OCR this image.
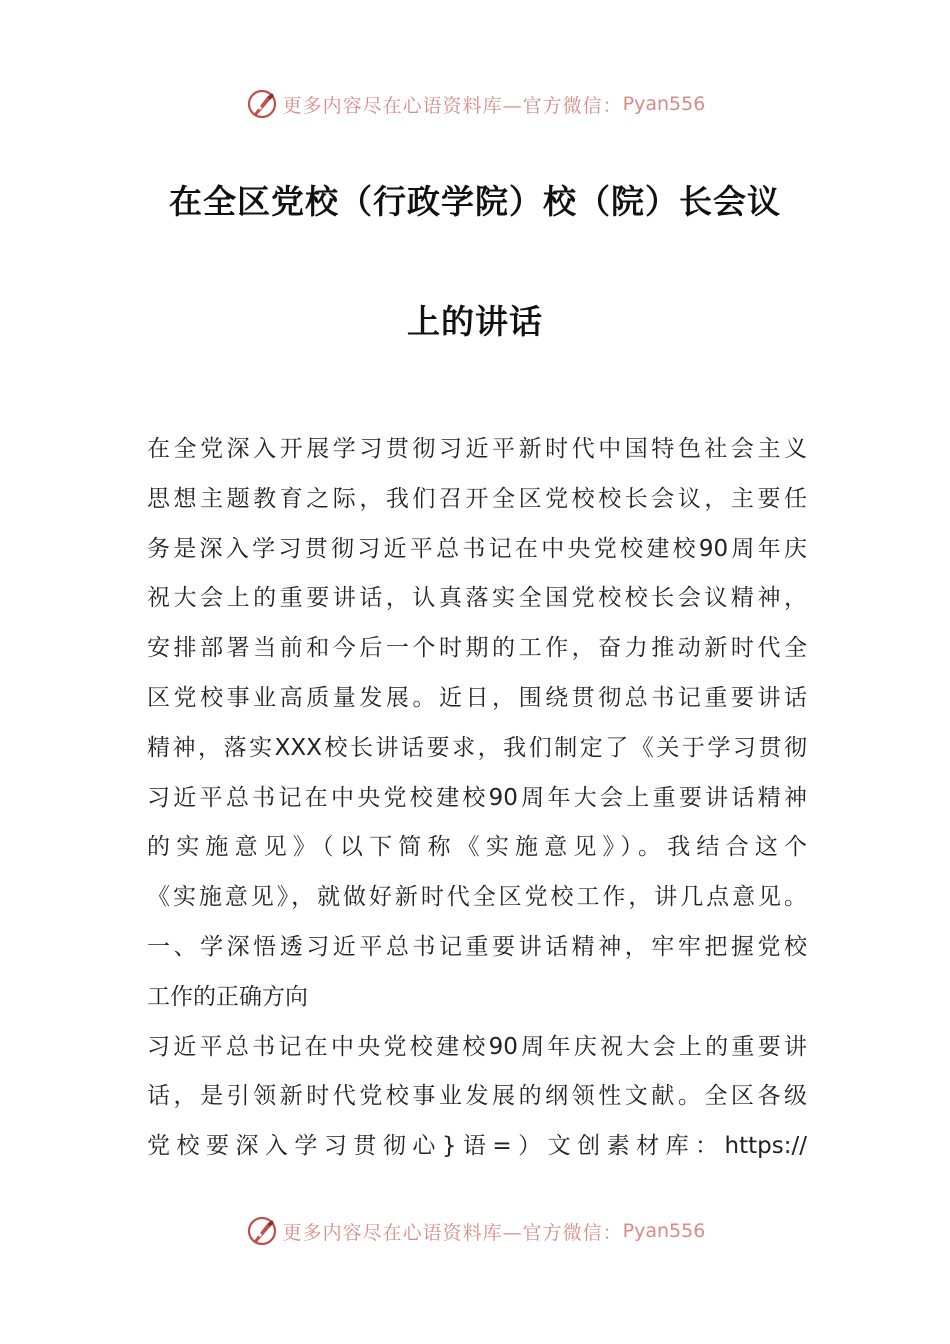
更多内容尽在心语资料库—官方微信： Pyan556
在全区党校（行政学院）校（院）长会议
上的讲话
在全党深入开展学习贯彻习近平新时代中国特色社会主义
思想主题教育之际，我们召开全区党校校长会议，主要任
务是深入学习贯彻习近平总书记在中央党校建校90周年庆
祝大会上的重要讲话，认真落实全国党校校长会议精神，
安排部署当前和今后一个时期的工作，奋力推动新时代全
区党校事业高质量发展。近日，围绕贯彻总书记重要讲话
精神，落实XXX校长讲话要求，我们制定了《关于学习贯彻
习近平总书记在中央党校建校90周年大会上重要讲话精神
的实施意见》（以下简称《实施意见》）。我结合这个
《实施意见》，就做好新时代全区党校工作，讲几点意见。
一、学深悟透习近平总书记重要讲话精神，牢牢把握党校
工作的正确方向
习近平总书记在中央党校建校90周年庆祝大会上的重要讲
话，是引领新时代党校事业发展的纲领性文献。全区各级
党校要深入学习贯彻心}语=）文创素材库：https://
更多内容尽在心语资料库—官方微信： Pyan556
